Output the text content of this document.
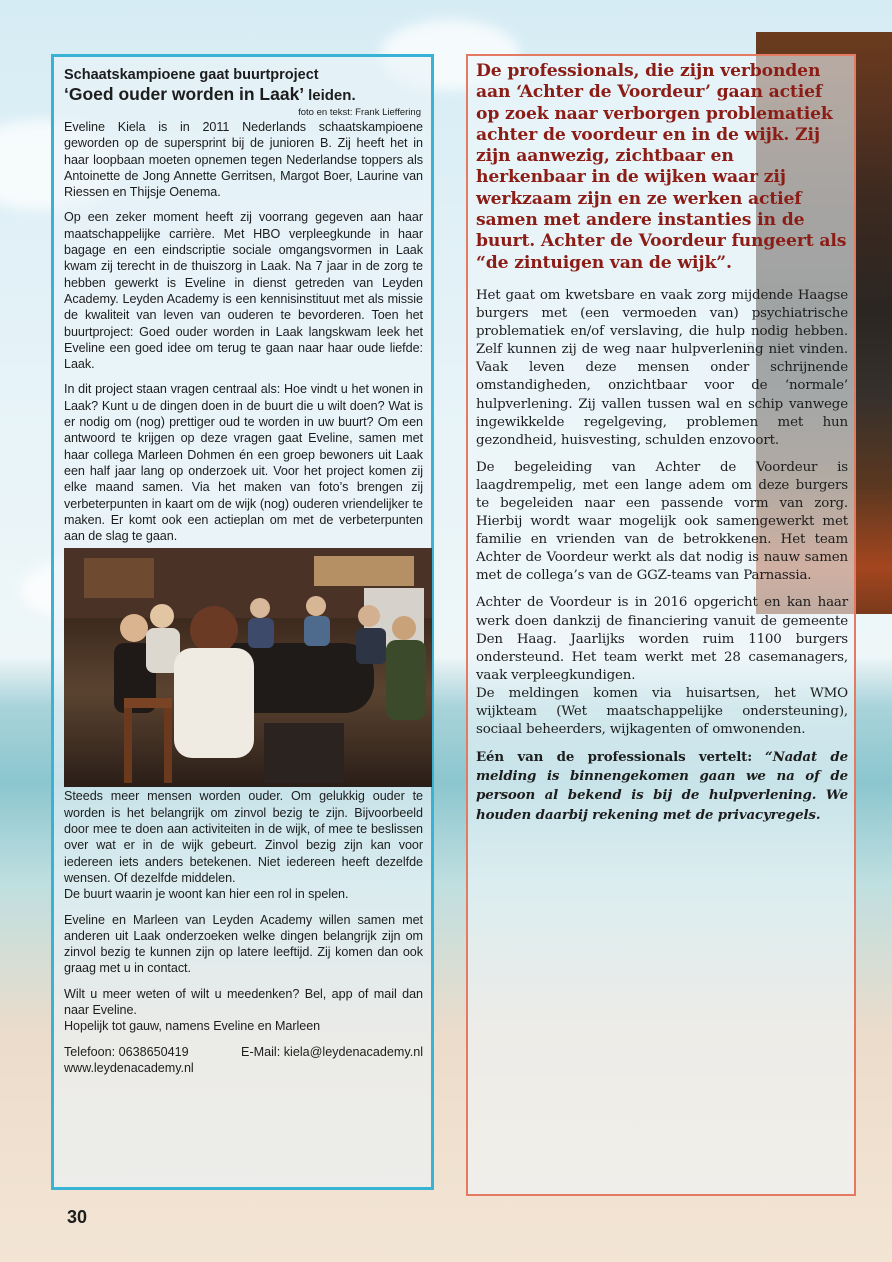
Schaatskampioene gaat buurtproject

‘Goed ouder worden in Laak’ leiden.

foto en tekst: Frank Lieffering

Eveline Kiela is in 2011 Nederlands schaatskampioene geworden op de supersprint bij de junioren B. Zij heeft het in haar loopbaan moeten opnemen tegen Nederlandse toppers als Antoinette de Jong Annette Gerritsen, Margot Boer, Laurine van Riessen en Thijsje Oenema.

Op een zeker moment heeft zij voorrang gegeven aan haar maatschappelijke carrière. Met HBO verpleegkunde in haar bagage en een eindscriptie sociale omgangsvormen in Laak kwam zij terecht in de thuiszorg in Laak. Na 7 jaar in de zorg te hebben gewerkt is Eveline in dienst getreden van Leyden Academy. Leyden Academy is een kennisinstituut met als missie de kwaliteit van leven van ouderen te bevorderen. Toen het buurtproject: Goed ouder worden in Laak langskwam leek het Eveline een goed idee om terug te gaan naar haar oude liefde: Laak.

In dit project staan vragen centraal als: Hoe vindt u het wonen in Laak? Kunt u de dingen doen in de buurt die u wilt doen? Wat is er nodig om (nog) prettiger oud te worden in uw buurt? Om een antwoord te krijgen op deze vragen gaat Eveline, samen met haar collega Marleen Dohmen én een groep bewoners uit Laak een half jaar lang op onderzoek uit. Voor het project komen zij elke maand samen. Via het maken van foto’s brengen zij verbeterpunten in kaart om de wijk (nog) ouderen vriendelijker te maken. Er komt ook een actieplan om met de verbeterpunten aan de slag te gaan.

Steeds meer mensen worden ouder. Om gelukkig ouder te worden is het belangrijk om zinvol bezig te zijn. Bijvoorbeeld door mee te doen aan activiteiten in de wijk, of mee te beslissen over wat er in de wijk gebeurt. Zinvol bezig zijn kan voor iedereen iets anders betekenen. Niet iedereen heeft dezelfde wensen. Of dezelfde middelen.

De buurt waarin je woont kan hier een rol in spelen.

Eveline en Marleen van Leyden Academy willen samen met anderen uit Laak onderzoeken welke dingen belangrijk zijn om zinvol bezig te kunnen zijn op latere leeftijd. Zij komen dan ook graag met u in contact.

Wilt u meer weten of wilt u meedenken? Bel, app of mail dan naar Eveline.

Hopelijk tot gauw, namens Eveline en Marleen

Telefoon: 0638650419	E-Mail: kiela@leydenacademy.nl
www.leydenacademy.nl

De professionals, die zijn verbonden aan ‘Achter de Voordeur’ gaan actief op zoek naar verborgen problematiek achter de voordeur en in de wijk. Zij zijn aanwezig, zichtbaar en herkenbaar in de wijken waar zij werkzaam zijn en ze werken actief samen met andere instanties in de buurt. Achter de Voordeur fungeert als “de zintuigen van de wijk”.

Het gaat om kwetsbare en vaak zorg mijdende Haagse burgers met (een vermoeden van) psychiatrische problematiek en/of verslaving, die hulp nodig hebben. Zelf kunnen zij de weg naar hulpverlening niet vinden. Vaak leven deze mensen onder schrijnende omstandigheden, onzichtbaar voor de ‘normale’ hulpverlening. Zij vallen tussen wal en schip vanwege ingewikkelde regelgeving, problemen met hun gezondheid, huisvesting, schulden enzovoort.

De begeleiding van Achter de Voordeur is laagdrempelig, met een lange adem om deze burgers te begeleiden naar een passende vorm van zorg. Hierbij wordt waar mogelijk ook samengewerkt met familie en vrienden van de betrokkenen. Het team Achter de Voordeur werkt als dat nodig is nauw samen met de collega’s van de GGZ-teams van Parnassia.

Achter de Voordeur is in 2016 opgericht en kan haar werk doen dankzij de financiering vanuit de gemeente Den Haag. Jaarlijks worden ruim 1100 burgers ondersteund. Het team werkt met 28 casemanagers, vaak verpleegkundigen.

De meldingen komen via huisartsen, het WMO wijkteam (Wet maatschappelijke ondersteuning), sociaal beheerders, wijkagenten of omwonenden.

Eén van de professionals vertelt: “Nadat de melding is binnengekomen gaan we na of de persoon al bekend is bij de hulpverlening. We houden daarbij rekening met de privacyregels.

30
